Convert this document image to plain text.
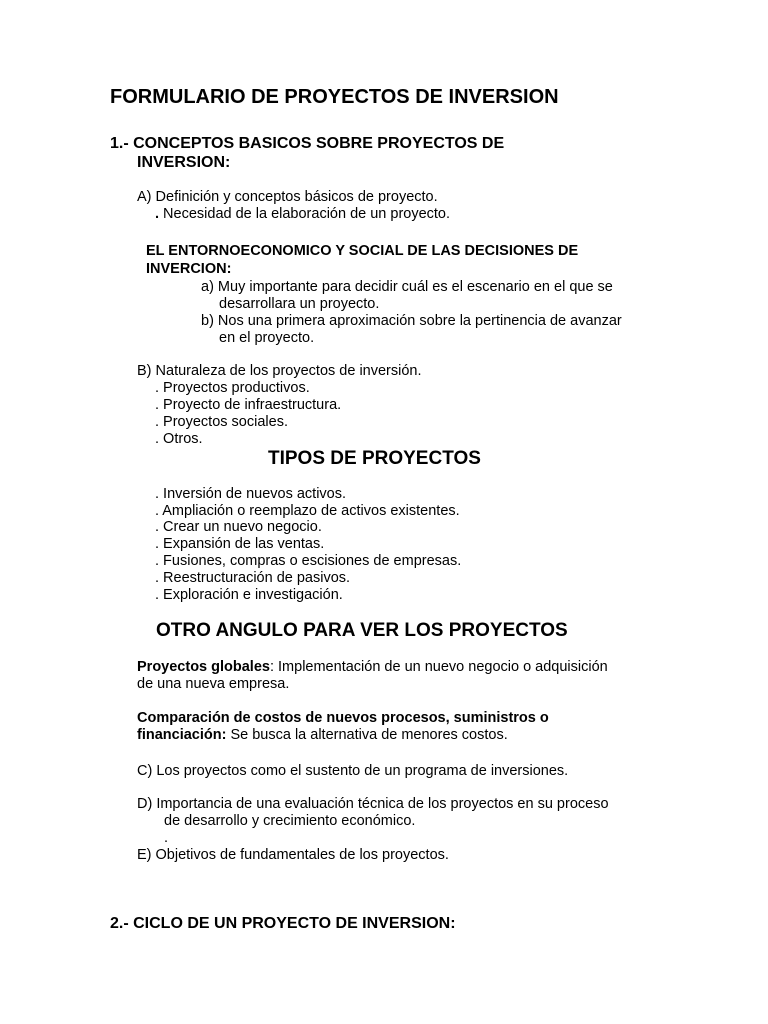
FORMULARIO DE PROYECTOS DE INVERSION
1.- CONCEPTOS BASICOS SOBRE PROYECTOS DE
INVERSION:
A) Definición y conceptos básicos de proyecto.
. Necesidad de la elaboración de un proyecto.
EL ENTORNOECONOMICO Y SOCIAL DE LAS DECISIONES DE
INVERCION:
a) Muy importante para decidir cuál es el escenario en el que se
desarrollara un proyecto.
b) Nos una primera aproximación sobre la pertinencia de avanzar
en el proyecto.
B) Naturaleza de los proyectos de inversión.
. Proyectos productivos.
. Proyecto de infraestructura.
. Proyectos sociales.
. Otros.
TIPOS DE PROYECTOS
. Inversión de nuevos activos.
. Ampliación o reemplazo de activos existentes.
. Crear un nuevo negocio.
. Expansión de las ventas.
. Fusiones, compras o escisiones de empresas.
. Reestructuración de pasivos.
. Exploración e investigación.
OTRO ANGULO PARA VER LOS PROYECTOS
Proyectos globales: Implementación de un nuevo negocio o adquisición
de una nueva empresa.
Comparación de costos de nuevos procesos, suministros o
financiación: Se busca la alternativa de menores costos.
C) Los proyectos como el sustento de un programa de inversiones.
D) Importancia de una evaluación técnica de los proyectos en su proceso
de desarrollo y crecimiento económico.
.
E) Objetivos de fundamentales de los proyectos.
2.- CICLO DE UN PROYECTO DE INVERSION:
